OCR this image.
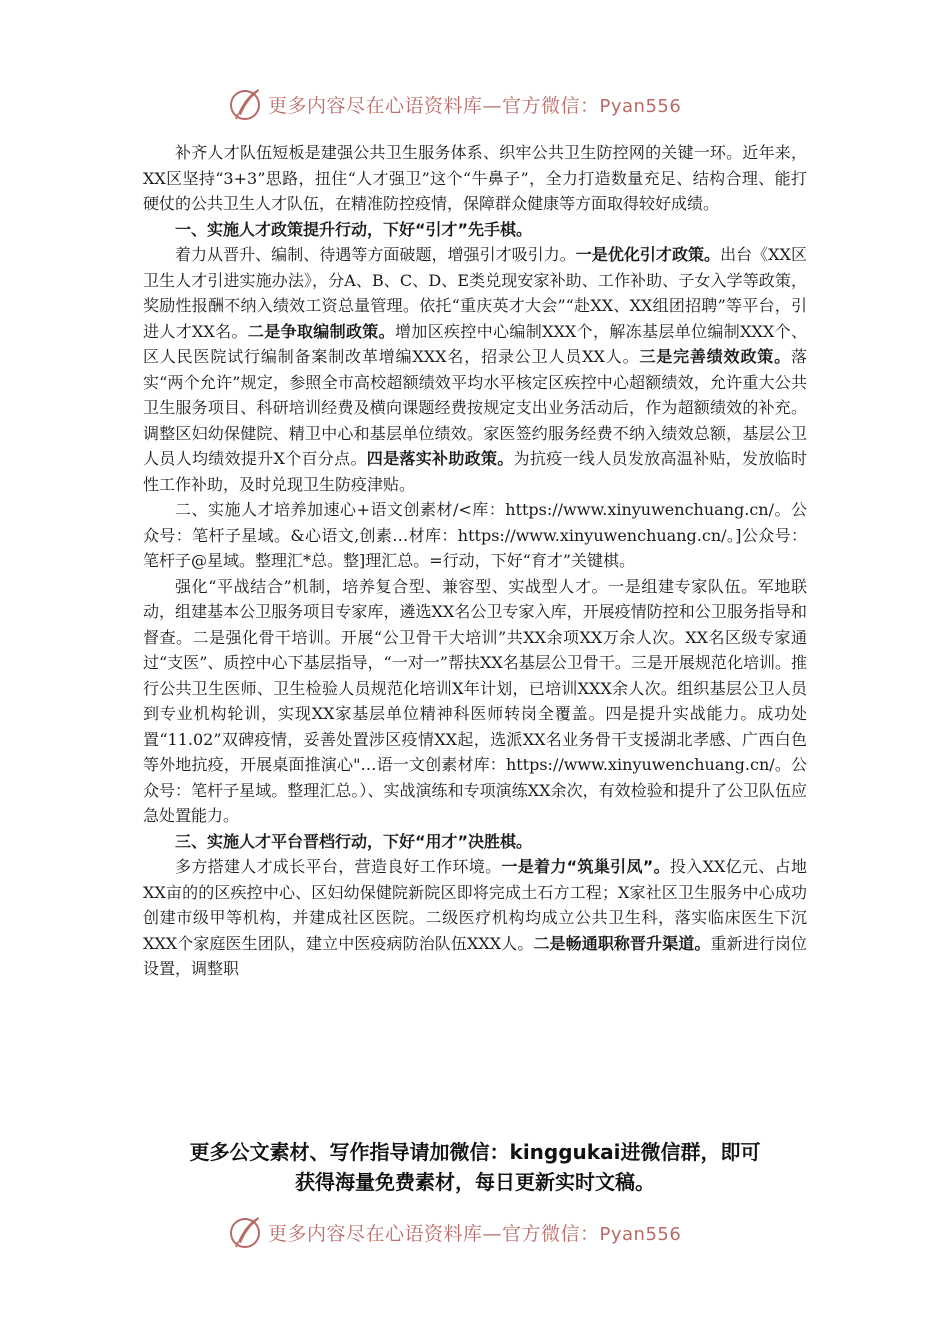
更多内容尽在心语资料库—官方微信：Pyan556

补齐人才队伍短板是建强公共卫生服务体系、织牢公共卫生防控网的关键一环。近年来，XX区坚持“3+3”思路，扭住“人才强卫”这个“牛鼻子”，全力打造数量充足、结构合理、能打硬仗的公共卫生人才队伍，在精准防控疫情，保障群众健康等方面取得较好成绩。

一、实施人才政策提升行动，下好“引才”先手棋。

着力从晋升、编制、待遇等方面破题，增强引才吸引力。一是优化引才政策。出台《XX区卫生人才引进实施办法》，分A、B、C、D、E类兑现安家补助、工作补助、子女入学等政策，奖励性报酬不纳入绩效工资总量管理。依托“重庆英才大会”“赴XX、XX组团招聘”等平台，引进人才XX名。二是争取编制政策。增加区疾控中心编制XXX个，解冻基层单位编制XXX个、区人民医院试行编制备案制改革增编XXX名，招录公卫人员XX人。三是完善绩效政策。落实“两个允许”规定，参照全市高校超额绩效平均水平核定区疾控中心超额绩效，允许重大公共卫生服务项目、科研培训经费及横向课题经费按规定支出业务活动后，作为超额绩效的补充。调整区妇幼保健院、精卫中心和基层单位绩效。家医签约服务经费不纳入绩效总额，基层公卫人员人均绩效提升X个百分点。四是落实补助政策。为抗疫一线人员发放高温补贴，发放临时性工作补助，及时兑现卫生防疫津贴。

二、实施人才培养加速心+语文创素材/<库：https://www.xinyuwenchuang.cn/。公众号：笔杆子星域。&心语文,创素…材库：https://www.xinyuwenchuang.cn/。]公众号：笔杆子@星域。整理汇*总。整]理汇总。=行动，下好“育才”关键棋。

强化“平战结合”机制，培养复合型、兼容型、实战型人才。一是组建专家队伍。军地联动，组建基本公卫服务项目专家库，遴选XX名公卫专家入库，开展疫情防控和公卫服务指导和督查。二是强化骨干培训。开展“公卫骨干大培训”共XX余项XX万余人次。XX名区级专家通过“支医”、质控中心下基层指导，“一对一”帮扶XX名基层公卫骨干。三是开展规范化培训。推行公共卫生医师、卫生检验人员规范化培训X年计划，已培训XXX余人次。组织基层公卫人员到专业机构轮训，实现XX家基层单位精神科医师转岗全覆盖。四是提升实战能力。成功处置“11.02”双碑疫情，妥善处置涉区疫情XX起，选派XX名业务骨干支援湖北孝感、广西白色等外地抗疫，开展桌面推演心"…语一文创素材库：https://www.xinyuwenchuang.cn/。公众号：笔杆子星域。整理汇总。）、实战演练和专项演练XX余次，有效检验和提升了公卫队伍应急处置能力。

三、实施人才平台晋档行动，下好“用才”决胜棋。

多方搭建人才成长平台，营造良好工作环境。一是着力“筑巢引凤”。投入XX亿元、占地XX亩的的区疾控中心、区妇幼保健院新院区即将完成土石方工程；X家社区卫生服务中心成功创建市级甲等机构，并建成社区医院。二级医疗机构均成立公共卫生科，落实临床医生下沉XXX个家庭医生团队，建立中医疫病防治队伍XXX人。二是畅通职称晋升渠道。重新进行岗位设置，调整职

更多公文素材、写作指导请加微信：kinggukai进微信群，即可
获得海量免费素材，每日更新实时文稿。
更多内容尽在心语资料库—官方微信：Pyan556
